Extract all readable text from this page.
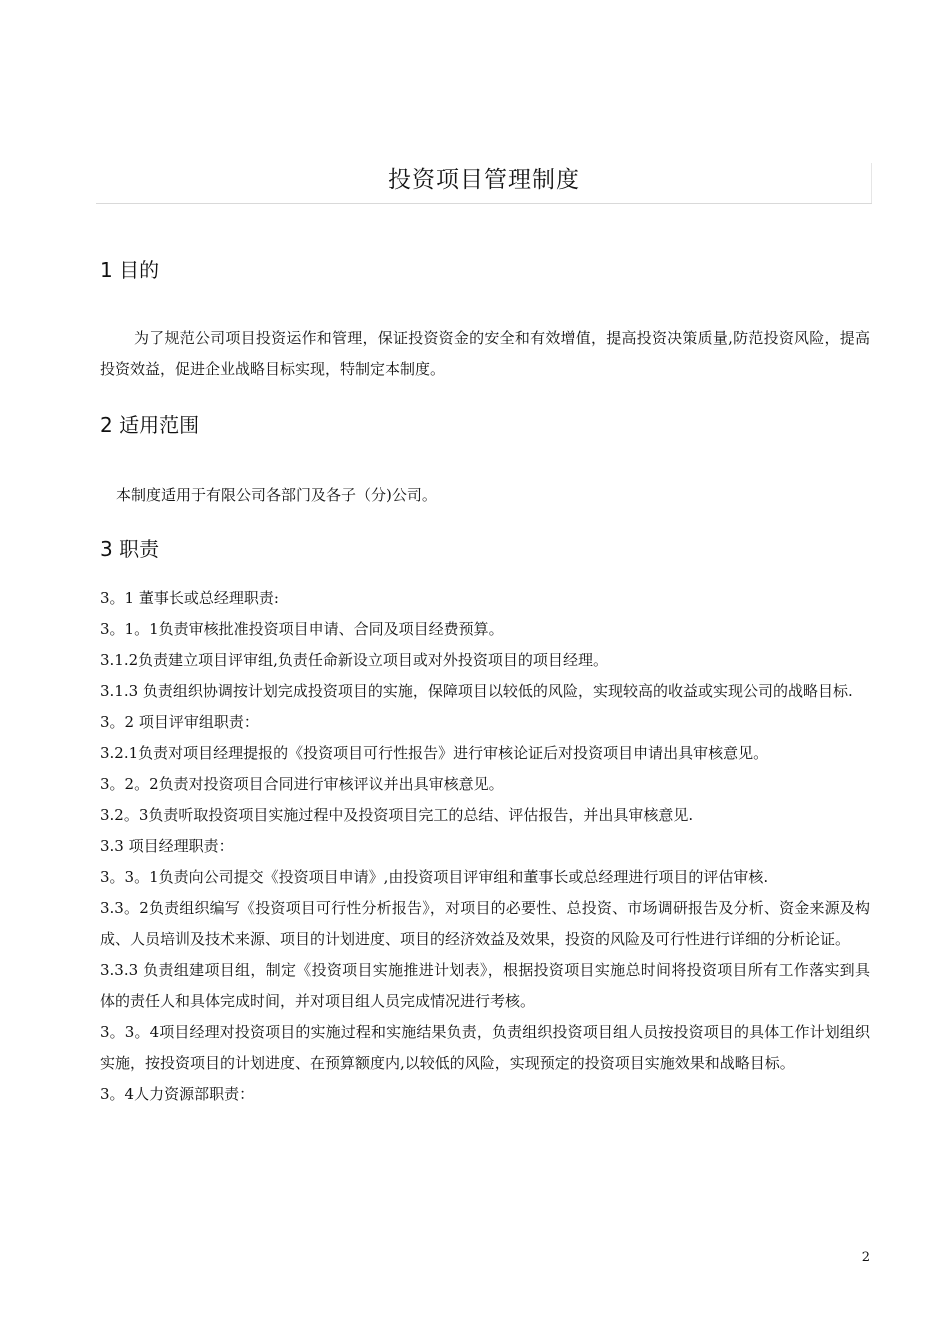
投资项目管理制度
1 目的
为了规范公司项目投资运作和管理，保证投资资金的安全和有效增值，提高投资决策质量,防范投资风险，提高投资效益，促进企业战略目标实现，特制定本制度。
2 适用范围
本制度适用于有限公司各部门及各子（分)公司。
3 职责

3。1 董事长或总经理职责:

3。1。1负责审核批准投资项目申请、合同及项目经费预算。

3.1.2负责建立项目评审组,负责任命新设立项目或对外投资项目的项目经理。

3.1.3 负责组织协调按计划完成投资项目的实施，保障项目以较低的风险，实现较高的收益或实现公司的战略目标.

3。2 项目评审组职责：

3.2.1负责对项目经理提报的《投资项目可行性报告》进行审核论证后对投资项目申请出具审核意见。

3。2。2负责对投资项目合同进行审核评议并出具审核意见。

3.2。3负责听取投资项目实施过程中及投资项目完工的总结、评估报告，并出具审核意见.

3.3 项目经理职责：

3。3。1负责向公司提交《投资项目申请》,由投资项目评审组和董事长或总经理进行项目的评估审核.

3.3。2负责组织编写《投资项目可行性分析报告》，对项目的必要性、总投资、市场调研报告及分析、资金来源及构成、人员培训及技术来源、项目的计划进度、项目的经济效益及效果，投资的风险及可行性进行详细的分析论证。

3.3.3 负责组建项目组，制定《投资项目实施推进计划表》，根据投资项目实施总时间将投资项目所有工作落实到具体的责任人和具体完成时间，并对项目组人员完成情况进行考核。

3。3。4项目经理对投资项目的实施过程和实施结果负责，负责组织投资项目组人员按投资项目的具体工作计划组织实施，按投资项目的计划进度、在预算额度内,以较低的风险，实现预定的投资项目实施效果和战略目标。

3。4人力资源部职责：

2
